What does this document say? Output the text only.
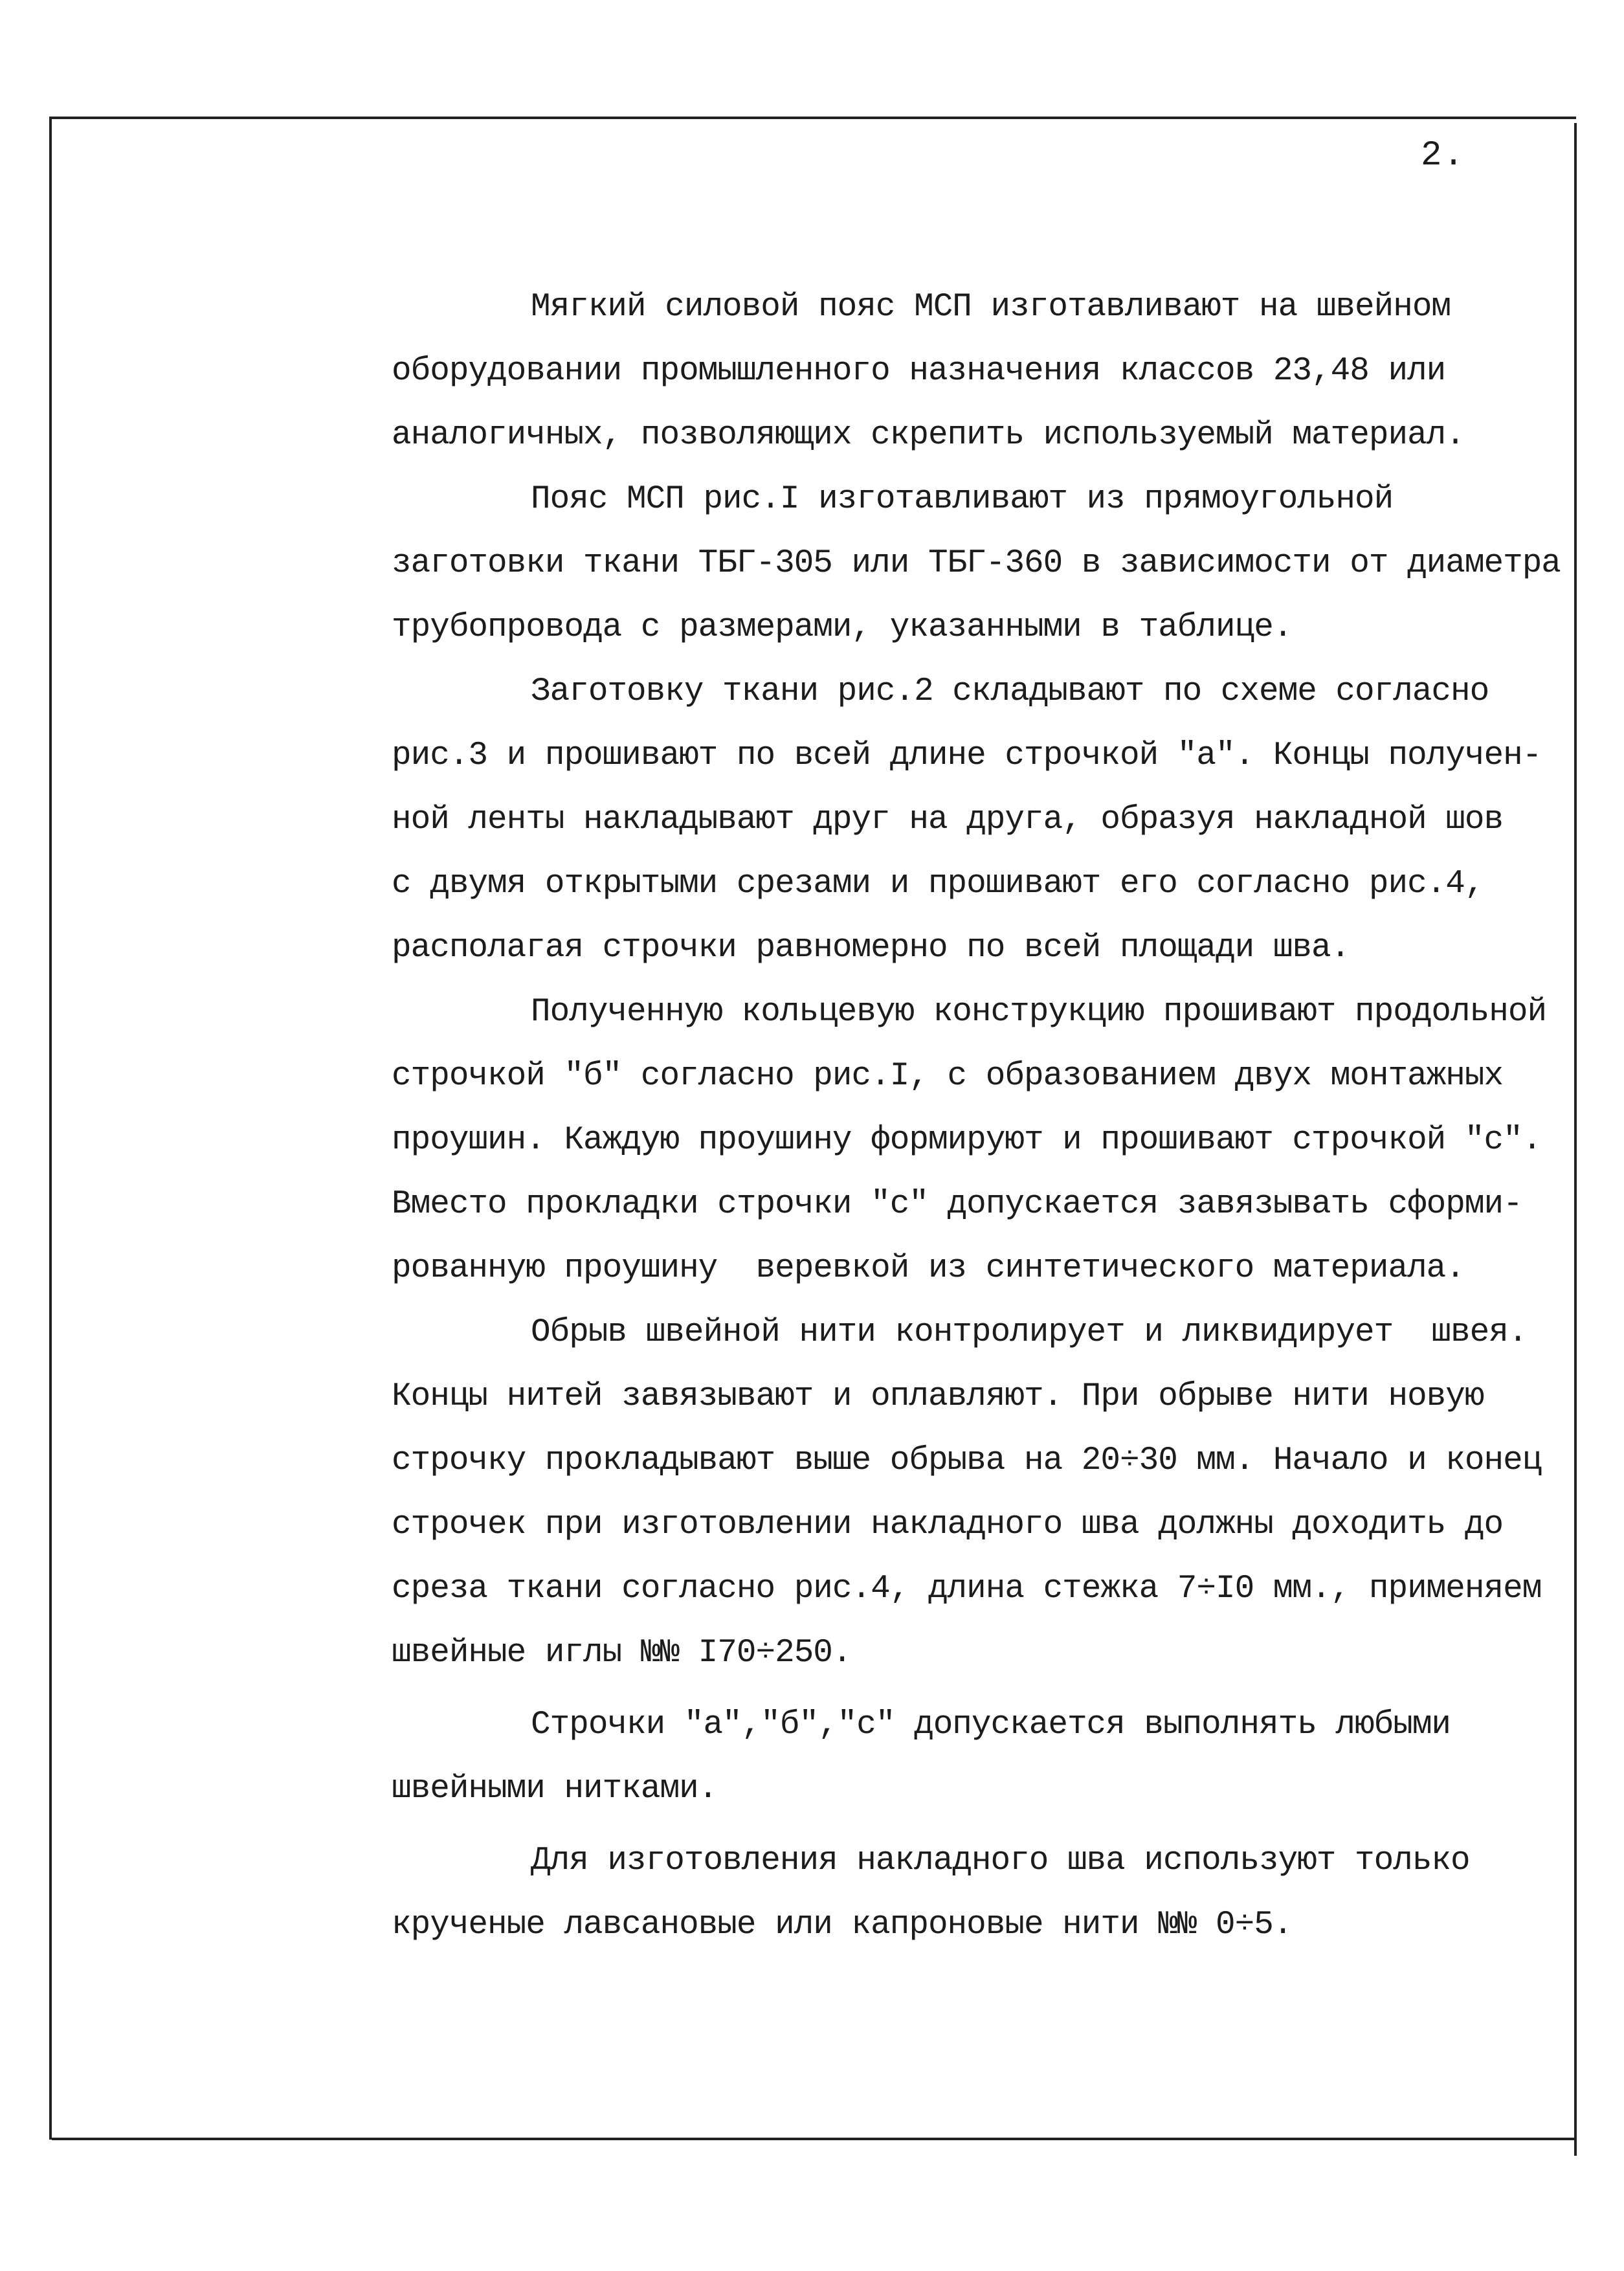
2.
Мягкий силовой пояс МСП изготавливают на швейном
оборудовании промышленного назначения классов 23,48 или
аналогичных, позволяющих скрепить используемый материал.
Пояс МСП рис.I изготавливают из прямоугольной
заготовки ткани ТБГ-305 или ТБГ-360 в зависимости от диаметра
трубопровода с размерами, указанными в таблице.
Заготовку ткани рис.2 складывают по схеме согласно
рис.3 и прошивают по всей длине строчкой "а". Концы получен-
ной ленты накладывают друг на друга, образуя накладной шов
с двумя открытыми срезами и прошивают его согласно рис.4,
располагая строчки равномерно по всей площади шва.
Полученную кольцевую конструкцию прошивают продольной
строчкой "б" согласно рис.I, с образованием двух монтажных
проушин. Каждую проушину формируют и прошивают строчкой "с".
Вместо прокладки строчки "с" допускается завязывать сформи-
рованную проушину  веревкой из синтетического материала.
Обрыв швейной нити контролирует и ликвидирует  швея.
Концы нитей завязывают и оплавляют. При обрыве нити новую
строчку прокладывают выше обрыва на 20÷30 мм. Начало и конец
строчек при изготовлении накладного шва должны доходить до
среза ткани согласно рис.4, длина стежка 7÷I0 мм., применяем
швейные иглы №№ I70÷250.
Строчки "а","б","с" допускается выполнять любыми
швейными нитками.
Для изготовления накладного шва используют только
крученые лавсановые или капроновые нити №№ 0÷5.
